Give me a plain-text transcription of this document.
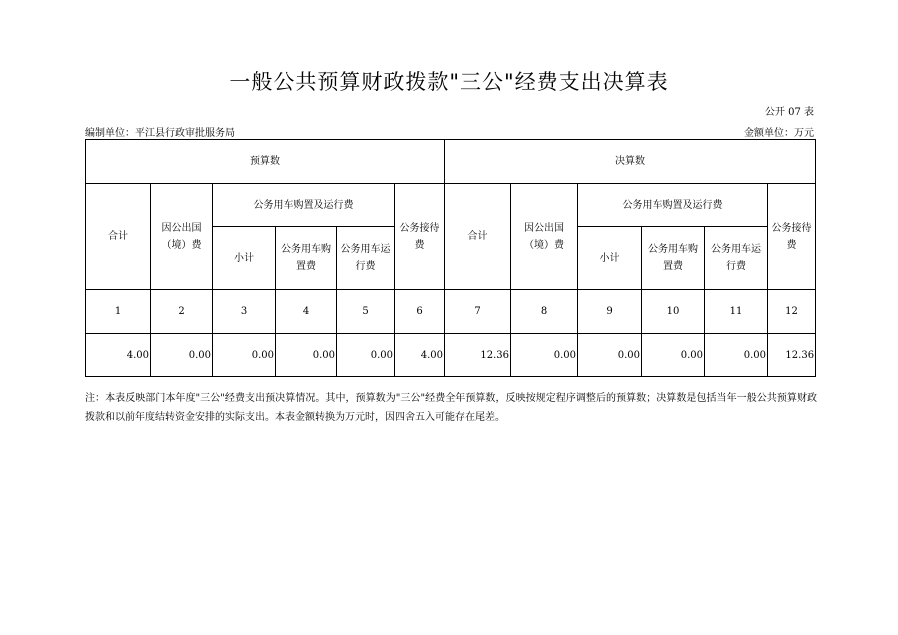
一般公共预算财政拨款"三公"经费支出决算表
公开 07 表
编制单位：平江县行政审批服务局	金额单位：万元
预算数						决算数					
合计	因公出国（境）费	公务用车购置及运行费			公务接待费	合计	因公出国（境）费	公务用车购置及运行费			公务接待费
		小计	公务用车购置费	公务用车运行费				小计	公务用车购置费	公务用车运行费	
1	2	3	4	5	6	7	8	9	10	11	12
4.00	0.00	0.00	0.00	0.00	4.00	12.36	0.00	0.00	0.00	0.00	12.36
注：本表反映部门本年度"三公"经费支出预决算情况。其中，预算数为"三公"经费全年预算数，反映按规定程序调整后的预算数；决算数是包括当年一般公共预算财政拨款和以前年度结转资金安排的实际支出。本表金额转换为万元时，因四舍五入可能存在尾差。
